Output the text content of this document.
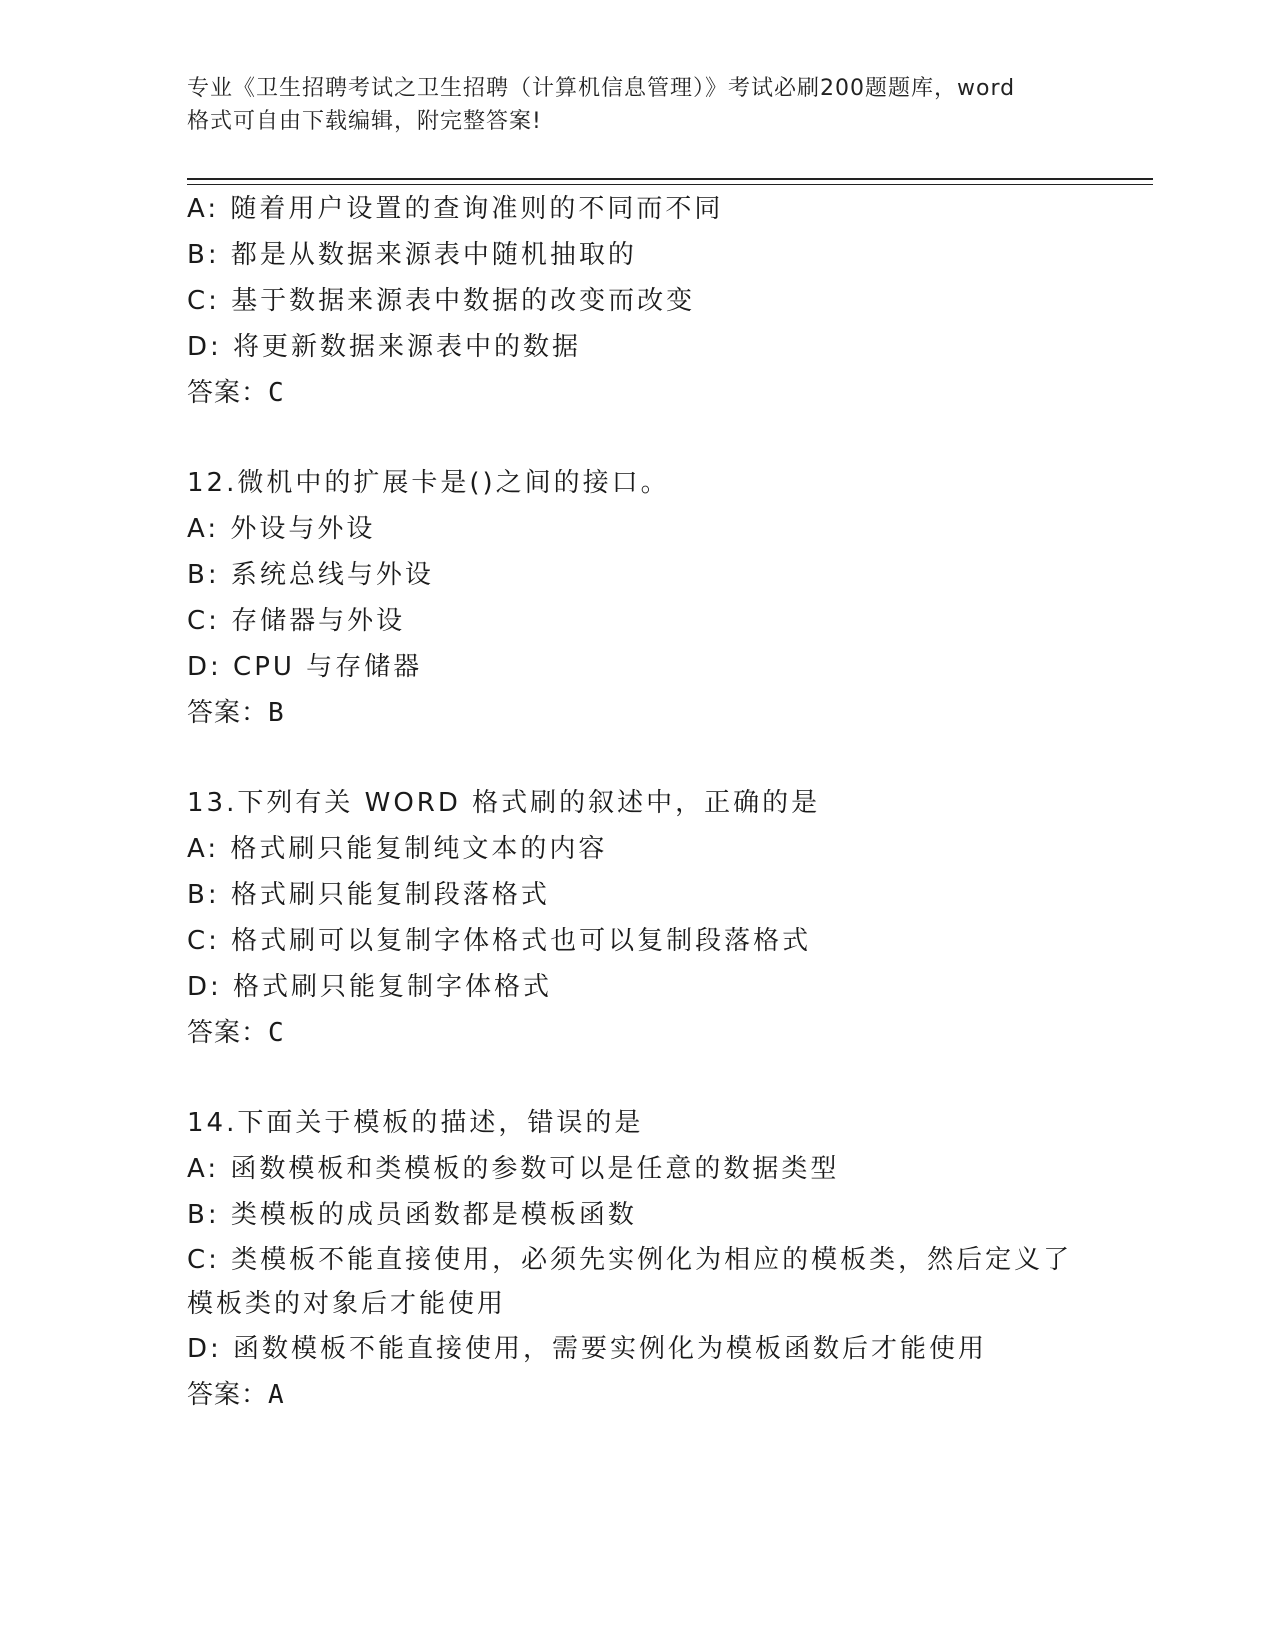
专业《卫生招聘考试之卫生招聘（计算机信息管理）》考试必刷200题题库，word
格式可自由下载编辑，附完整答案!
A: 随着用户设置的查询准则的不同而不同
B: 都是从数据来源表中随机抽取的
C: 基于数据来源表中数据的改变而改变
D: 将更新数据来源表中的数据
答案：C
12.微机中的扩展卡是()之间的接口。
A: 外设与外设
B: 系统总线与外设
C: 存储器与外设
D: CPU 与存储器
答案：B
13.下列有关 WORD 格式刷的叙述中，正确的是
A: 格式刷只能复制纯文本的内容
B: 格式刷只能复制段落格式
C: 格式刷可以复制字体格式也可以复制段落格式
D: 格式刷只能复制字体格式
答案：C
14.下面关于模板的描述，错误的是
A: 函数模板和类模板的参数可以是任意的数据类型
B: 类模板的成员函数都是模板函数
C: 类模板不能直接使用，必须先实例化为相应的模板类，然后定义了
模板类的对象后才能使用
D: 函数模板不能直接使用，需要实例化为模板函数后才能使用
答案：A
